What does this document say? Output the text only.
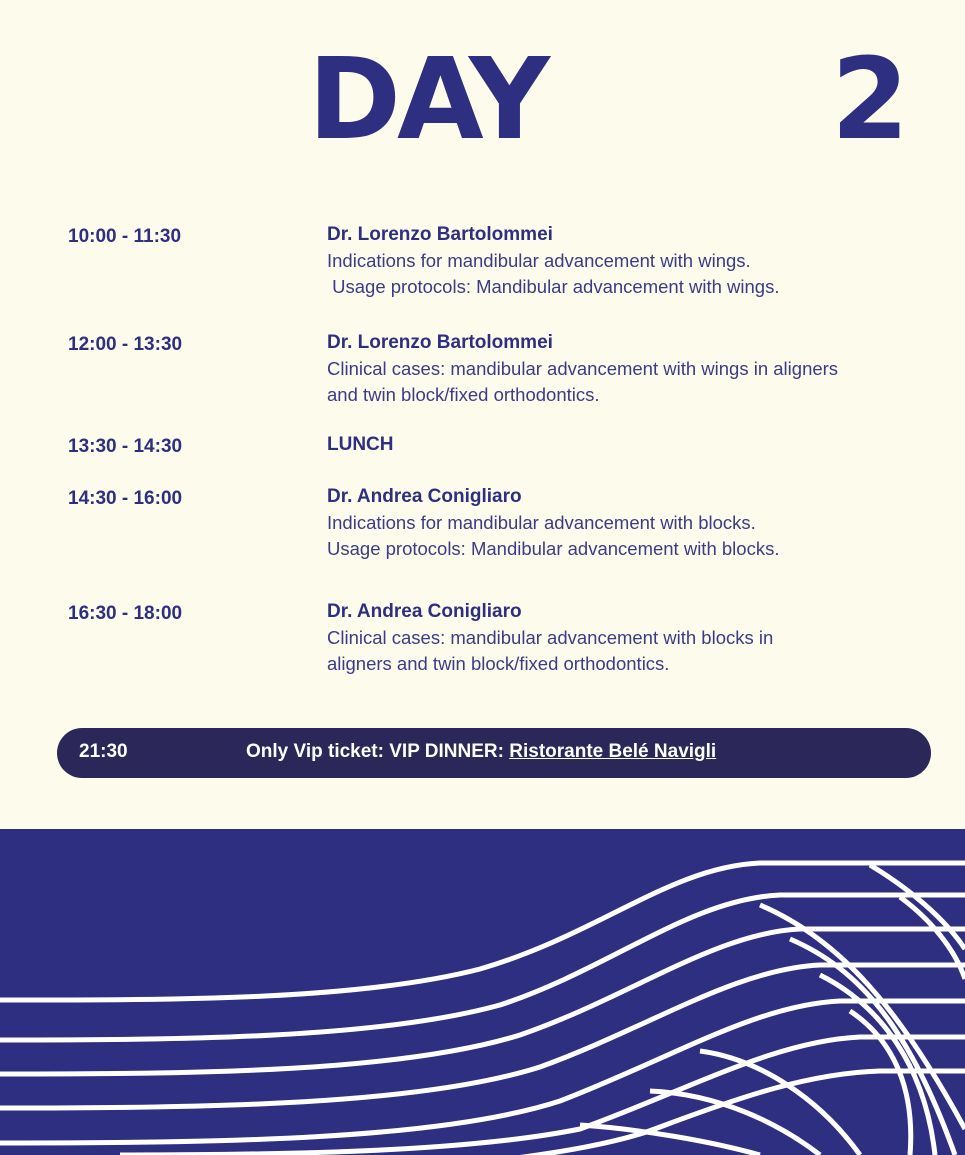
DAY	2
10:00 - 11:30	Dr. Lorenzo Bartolommei
Indications for mandibular advancement with wings.
Usage protocols: Mandibular advancement with wings.
12:00 - 13:30	Dr. Lorenzo Bartolommei
Clinical cases: mandibular advancement with wings in aligners
and twin block/fixed orthodontics.
13:30 - 14:30	LUNCH
14:30 - 16:00	Dr. Andrea Conigliaro
Indications for mandibular advancement with blocks.
Usage protocols: Mandibular advancement with blocks.
16:30 - 18:00	Dr. Andrea Conigliaro
Clinical cases: mandibular advancement with blocks in
aligners and twin block/fixed orthodontics.
21:30	Only Vip ticket: VIP DINNER: Ristorante Belé Navigli
